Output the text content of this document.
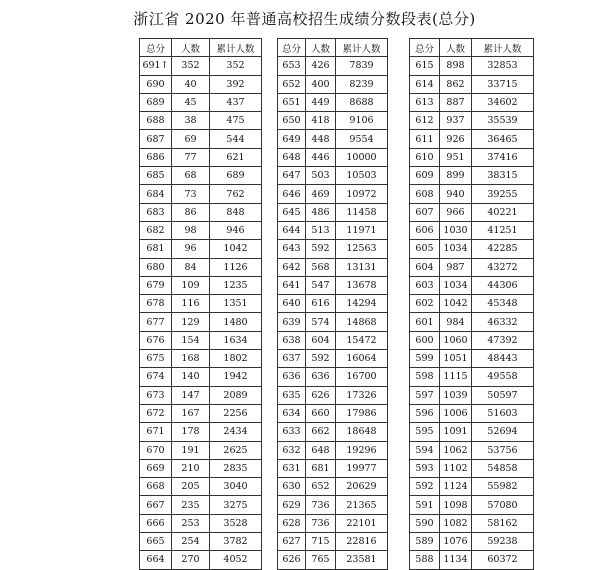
浙江省 2020 年普通高校招生成绩分数段表(总分)
总分	人数	累计人数
691↑	352	352
690	40	392
689	45	437
688	38	475
687	69	544
686	77	621
685	68	689
684	73	762
683	86	848
682	98	946
681	96	1042
680	84	1126
679	109	1235
678	116	1351
677	129	1480
676	154	1634
675	168	1802
674	140	1942
673	147	2089
672	167	2256
671	178	2434
670	191	2625
669	210	2835
668	205	3040
667	235	3275
666	253	3528
665	254	3782
664	270	4052
总分	人数	累计人数
653	426	7839
652	400	8239
651	449	8688
650	418	9106
649	448	9554
648	446	10000
647	503	10503
646	469	10972
645	486	11458
644	513	11971
643	592	12563
642	568	13131
641	547	13678
640	616	14294
639	574	14868
638	604	15472
637	592	16064
636	636	16700
635	626	17326
634	660	17986
633	662	18648
632	648	19296
631	681	19977
630	652	20629
629	736	21365
628	736	22101
627	715	22816
626	765	23581
总分	人数	累计人数
615	898	32853
614	862	33715
613	887	34602
612	937	35539
611	926	36465
610	951	37416
609	899	38315
608	940	39255
607	966	40221
606	1030	41251
605	1034	42285
604	987	43272
603	1034	44306
602	1042	45348
601	984	46332
600	1060	47392
599	1051	48443
598	1115	49558
597	1039	50597
596	1006	51603
595	1091	52694
594	1062	53756
593	1102	54858
592	1124	55982
591	1098	57080
590	1082	58162
589	1076	59238
588	1134	60372
